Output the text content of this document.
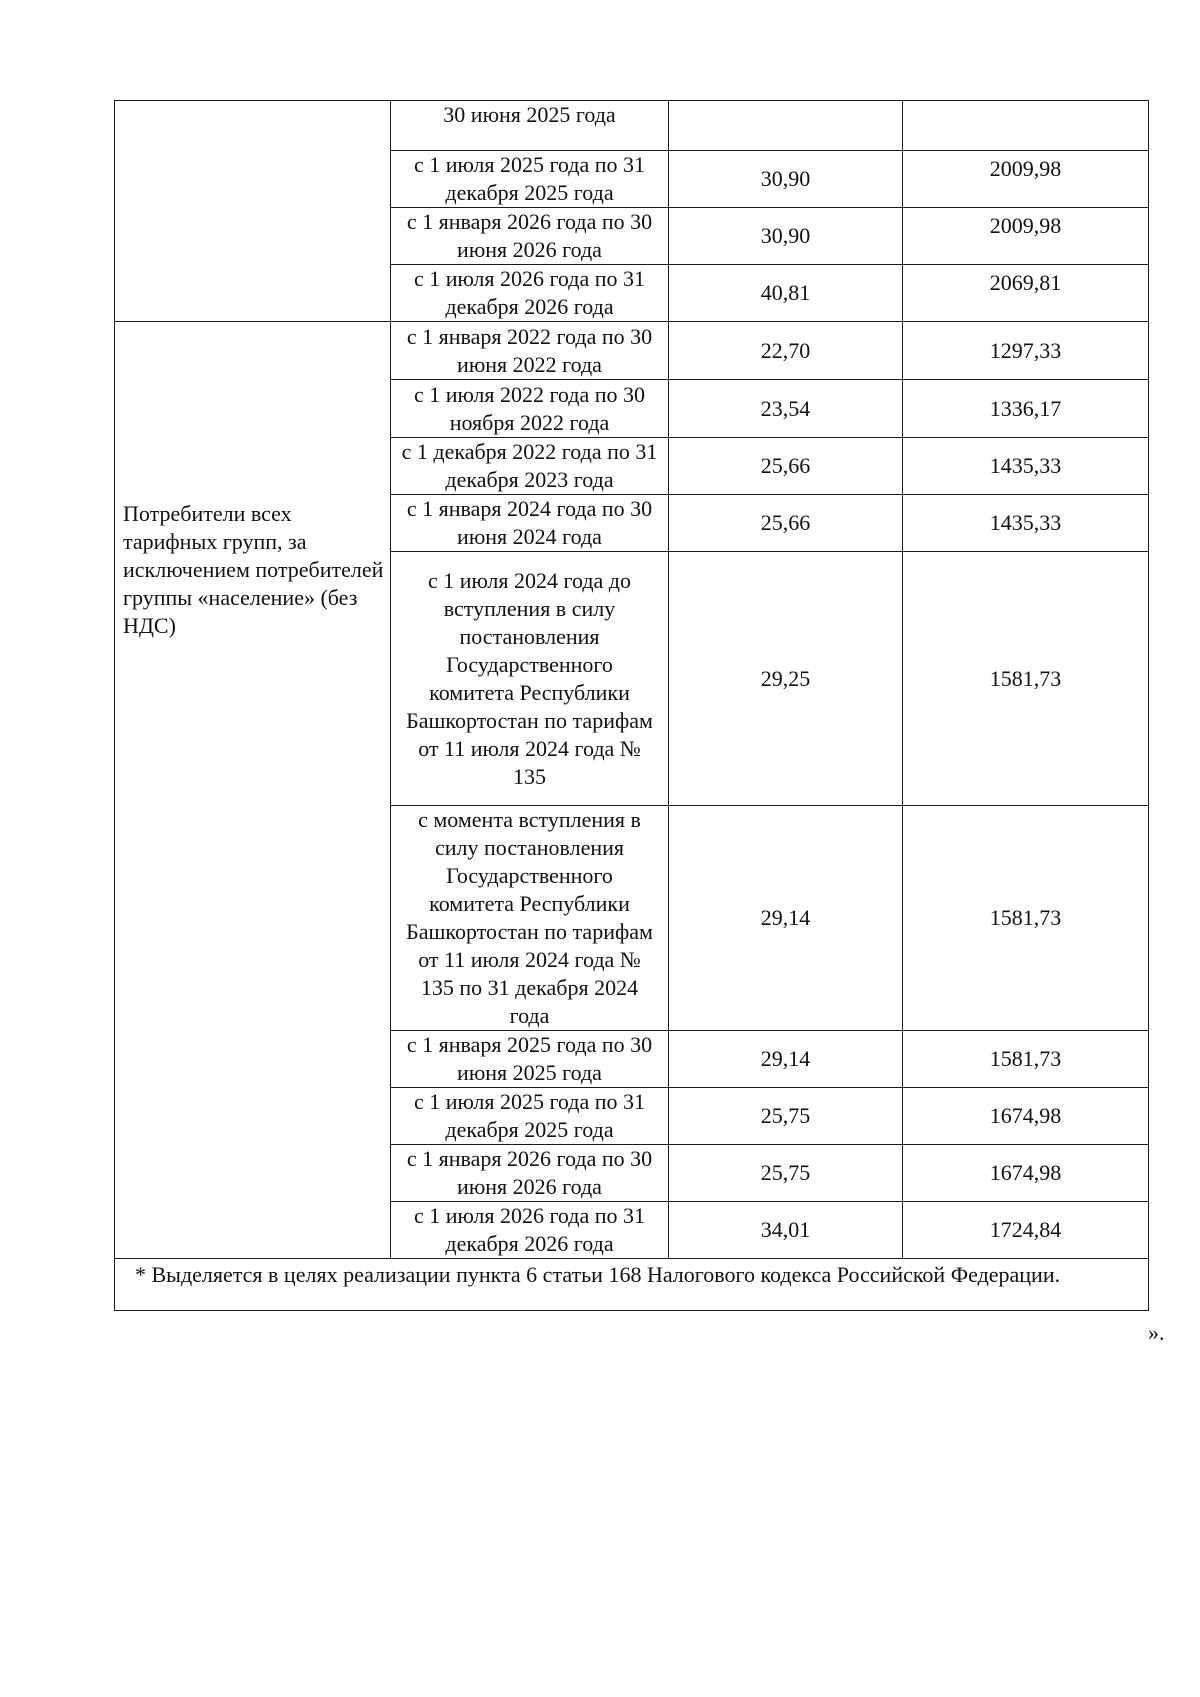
	30 июня 2025 года		
	с 1 июля 2025 года по 31 декабря 2025 года	30,90	2009,98
	с 1 января 2026 года по 30 июня 2026 года	30,90	2009,98
	с 1 июля 2026 года по 31 декабря 2026 года	40,81	2069,81
Потребители всех тарифных групп, за исключением потребителей группы «население» (без НДС)	с 1 января 2022 года по 30 июня 2022 года	22,70	1297,33
	с 1 июля 2022 года по 30 ноября 2022 года	23,54	1336,17
	с 1 декабря 2022 года по 31 декабря 2023 года	25,66	1435,33
	с 1 января 2024 года по 30 июня 2024 года	25,66	1435,33
	с 1 июля 2024 года до вступления в силу постановления Государственного комитета Республики Башкортостан по тарифам от 11 июля 2024 года № 135	29,25	1581,73
	с момента вступления в силу постановления Государственного комитета Республики Башкортостан по тарифам от 11 июля 2024 года № 135 по 31 декабря 2024 года	29,14	1581,73
	с 1 января 2025 года по 30 июня 2025 года	29,14	1581,73
	с 1 июля 2025 года по 31 декабря 2025 года	25,75	1674,98
	с 1 января 2026 года по 30 июня 2026 года	25,75	1674,98
	с 1 июля 2026 года по 31 декабря 2026 года	34,01	1724,84
* Выделяется в целях реализации пункта 6 статьи 168 Налогового кодекса Российской Федерации.			
».
